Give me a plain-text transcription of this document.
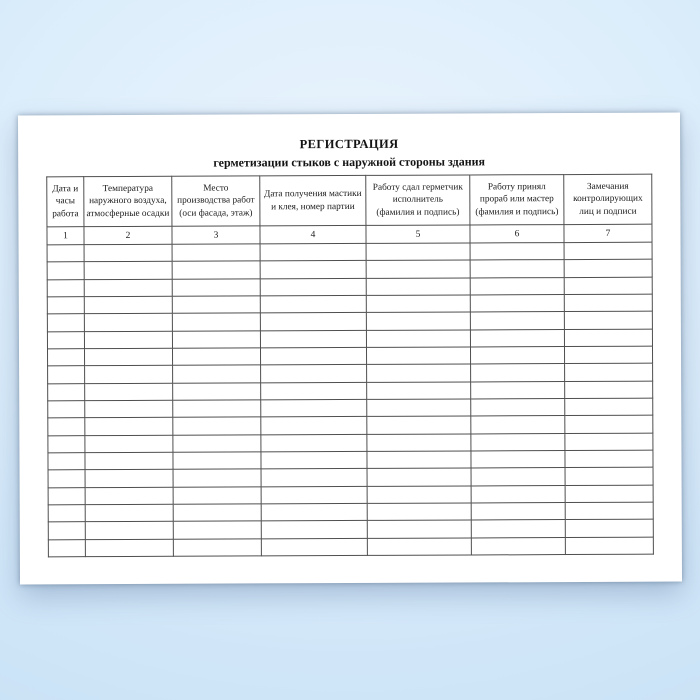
РЕГИСТРАЦИЯ
герметизации стыков с наружной стороны здания
Дата и
часы
работа	Температура
наружного воздуха,
атмосферные осадки	Место
производства работ
(оси фасада, этаж)	Дата получения мастики
и клея, номер партии	Работу сдал герметчик
исполнитель
(фамилия и подпись)	Работу принял
прораб или мастер
(фамилия и подпись)	Замечания
контролирующих
лиц и подписи
1	2	3	4	5	6	7
